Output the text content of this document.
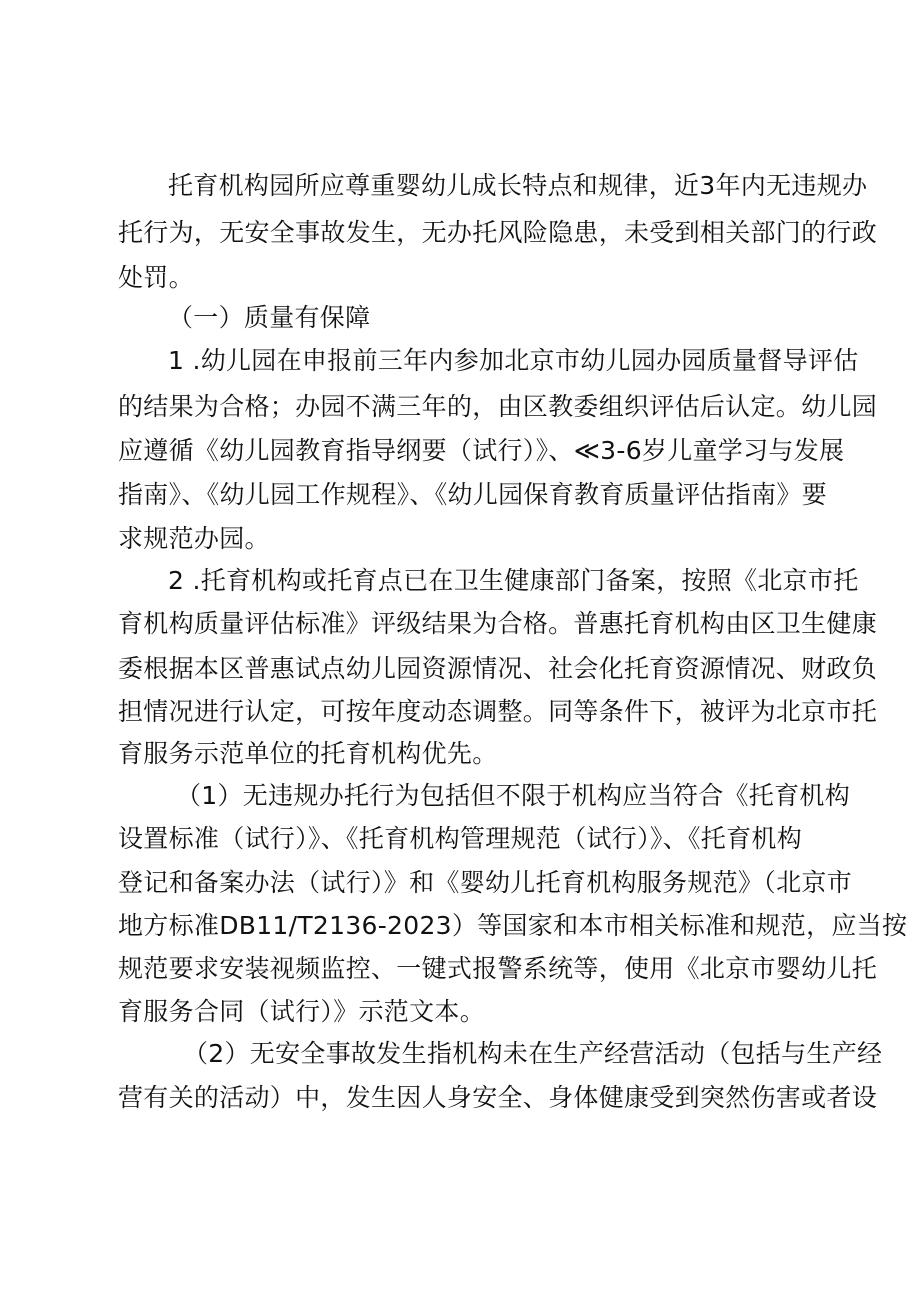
托育机构园所应尊重婴幼儿成长特点和规律，近3年内无违规办
托行为，无安全事故发生，无办托风险隐患，未受到相关部门的行政
处罚。
（一）质量有保障
1 .幼儿园在申报前三年内参加北京市幼儿园办园质量督导评估
的结果为合格；办园不满三年的，由区教委组织评估后认定。幼儿园
应遵循《幼儿园教育指导纲要（试行）》、≪3-6岁儿童学习与发展
指南》、《幼儿园工作规程》、《幼儿园保育教育质量评估指南》要
求规范办园。
2 .托育机构或托育点已在卫生健康部门备案，按照《北京市托
育机构质量评估标准》评级结果为合格。普惠托育机构由区卫生健康
委根据本区普惠试点幼儿园资源情况、社会化托育资源情况、财政负
担情况进行认定，可按年度动态调整。同等条件下，被评为北京市托
育服务示范单位的托育机构优先。
（1）无违规办托行为包括但不限于机构应当符合《托育机构
设置标准（试行）》、《托育机构管理规范（试行）》、《托育机构
登记和备案办法（试行）》和《婴幼儿托育机构服务规范》（北京市
地方标准DB11/T2136-2023）等国家和本市相关标准和规范，应当按
规范要求安装视频监控、一键式报警系统等，使用《北京市婴幼儿托
育服务合同（试行）》示范文本。
（2）无安全事故发生指机构未在生产经营活动（包括与生产经
营有关的活动）中，发生因人身安全、身体健康受到突然伤害或者设
